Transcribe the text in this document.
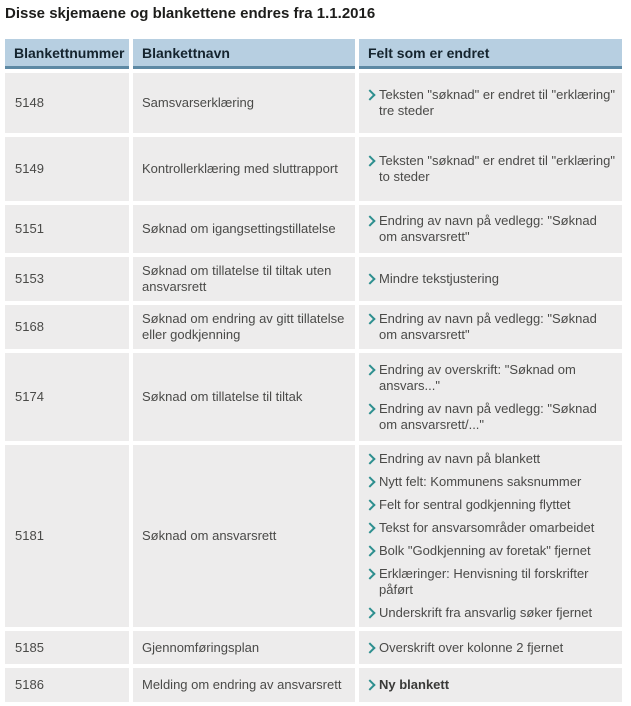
Disse skjemaene og blankettene endres fra 1.1.2016
Blankettnummer	Blankettnavn	Felt som er endret
5148	Samsvarserklæring	Teksten "søknad" er endret til "erklæring" tre steder

5149	Kontrollerklæring med sluttrapport	Teksten "søknad" er endret til "erklæring" to steder

5151	Søknad om igangsettingstillatelse	Endring av navn på vedlegg: "Søknad om ansvarsrett"

5153	Søknad om tillatelse til tiltak uten ansvarsrett	Mindre tekstjustering

5168	Søknad om endring av gitt tillatelse eller godkjenning	Endring av navn på vedlegg: "Søknad om ansvarsrett"

5174	Søknad om tillatelse til tiltak	Endring av overskrift: "Søknad om ansvars..."
Endring av navn på vedlegg: "Søknad om ansvarsrett/..."

5181	Søknad om ansvarsrett	
Endring av navn på blankett
Nytt felt: Kommunens saksnummer
Felt for sentral godkjenning flyttet
Tekst for ansvarsområder omarbeidet
Bolk "Godkjenning av foretak" fjernet
Erklæringer: Henvisning til forskrifter påført
Underskrift fra ansvarlig søker fjernet

5185	Gjennomføringsplan	Overskrift over kolonne 2 fjernet

5186	Melding om endring av ansvarsrett	Ny blankett
